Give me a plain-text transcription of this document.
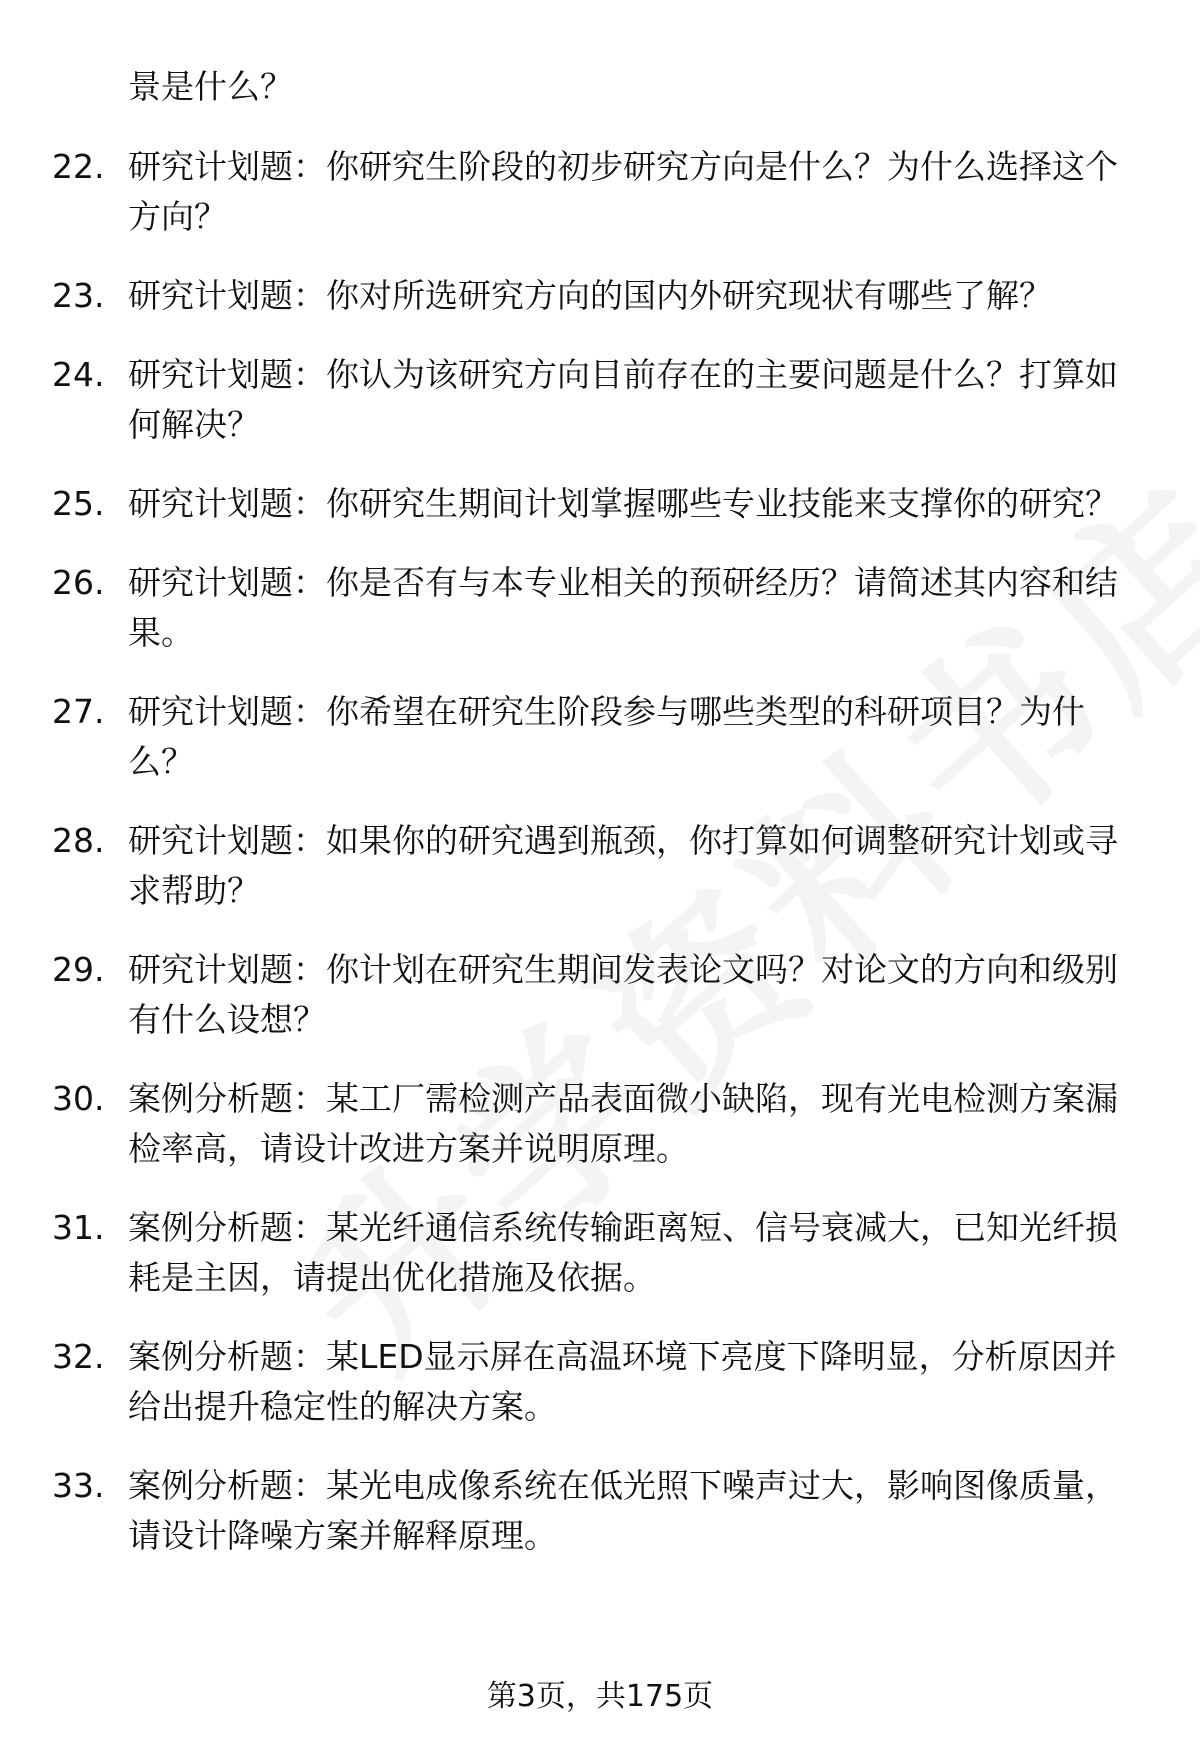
景是什么？
22. 研究计划题：你研究生阶段的初步研究方向是什么？为什么选择这个方向？
23. 研究计划题：你对所选研究方向的国内外研究现状有哪些了解？
24. 研究计划题：你认为该研究方向目前存在的主要问题是什么？打算如何解决？
25. 研究计划题：你研究生期间计划掌握哪些专业技能来支撑你的研究？
26. 研究计划题：你是否有与本专业相关的预研经历？请简述其内容和结果。
27. 研究计划题：你希望在研究生阶段参与哪些类型的科研项目？为什么？
28. 研究计划题：如果你的研究遇到瓶颈，你打算如何调整研究计划或寻求帮助？
29. 研究计划题：你计划在研究生期间发表论文吗？对论文的方向和级别有什么设想？
30. 案例分析题：某工厂需检测产品表面微小缺陷，现有光电检测方案漏检率高，请设计改进方案并说明原理。
31. 案例分析题：某光纤通信系统传输距离短、信号衰减大，已知光纤损耗是主因，请提出优化措施及依据。
32. 案例分析题：某LED显示屏在高温环境下亮度下降明显，分析原因并给出提升稳定性的解决方案。
33. 案例分析题：某光电成像系统在低光照下噪声过大，影响图像质量，请设计降噪方案并解释原理。
第3页，共175页
